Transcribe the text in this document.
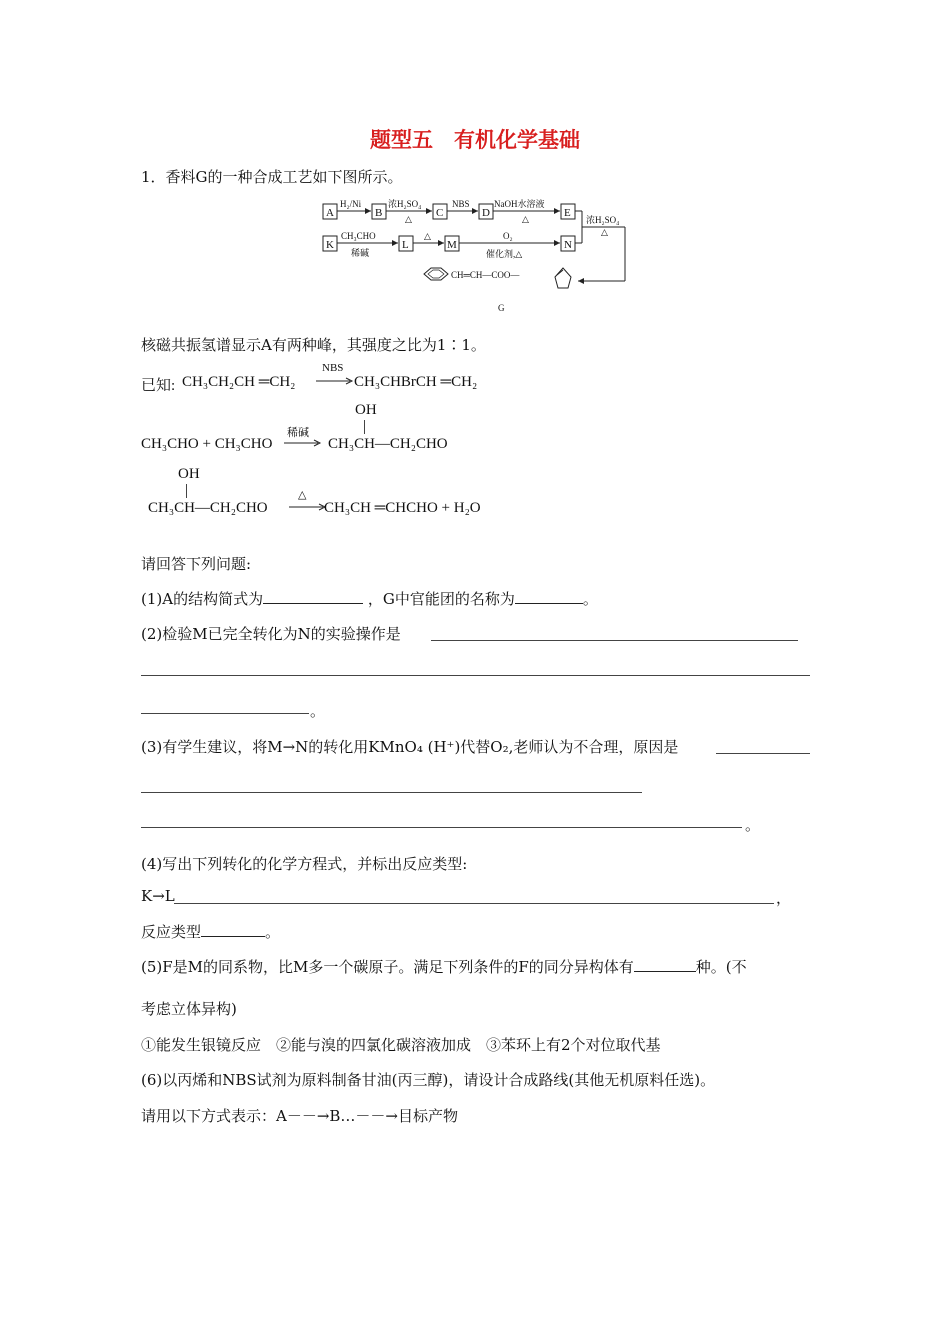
题型五　有机化学基础
1．香料G的一种合成工艺如下图所示。
A	B	C	D	E
K	L	M	N
H₂/Ni	浓H₂SO₄
△
NBS	NaOH水溶液
△
CH₃CHO
稀碱
△	O₂
催化剂,△
浓H₂SO₄
△
CH═CH—COO—
G
核磁共振氢谱显示A有两种峰，其强度之比为1∶1。
已知: CH₃CH₂CH ═CH₂
NBS
CH₃CHBrCH ═CH₂
OH
CH₃CHO + CH₃CHO
稀碱
CH₃CH—CH₂CHO
OH
CH₃CH—CH₂CHO
△
CH₃CH ═CHCHO + H₂O
请回答下列问题:
(1)A的结构简式为	，G中官能团的名称为	。
(2)检验M已完全转化为N的实验操作是
。
(3)有学生建议，将M→N的转化用KMnO₄ (H⁺)代替O₂,老师认为不合理，原因是
。
(4)写出下列转化的化学方程式，并标出反应类型:
K→L	，
反应类型	。
(5)F是M的同系物，比M多一个碳原子。满足下列条件的F的同分异构体有	种。(不
考虑立体异构)
①能发生银镜反应　②能与溴的四氯化碳溶液加成　③苯环上有2个对位取代基
(6)以丙烯和NBS试剂为原料制备甘油(丙三醇)，请设计合成路线(其他无机原料任选)。
请用以下方式表示：A－－→B…－－→目标产物
